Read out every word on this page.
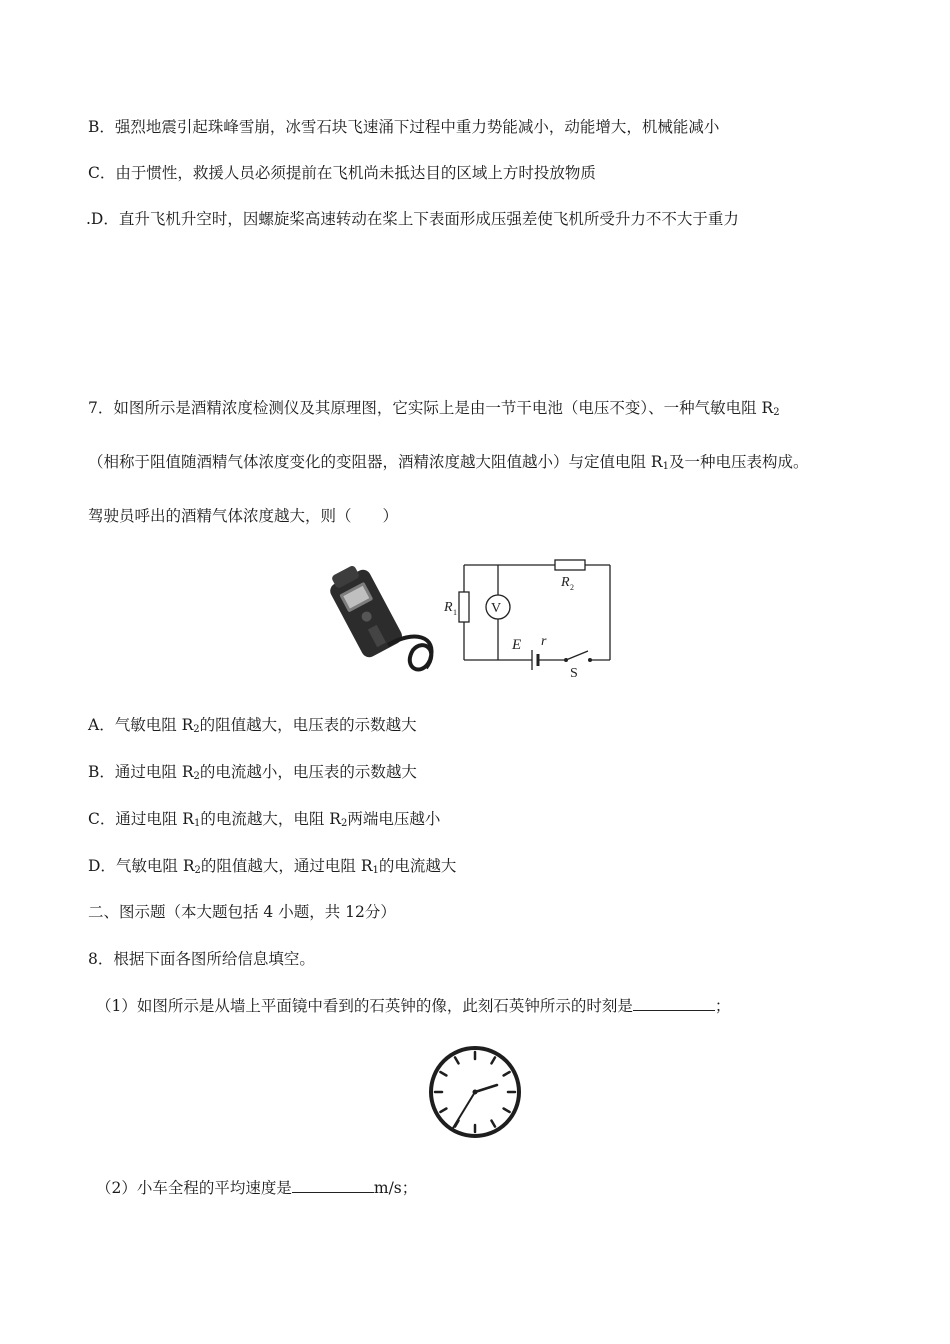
B．强烈地震引起珠峰雪崩，冰雪石块飞速涌下过程中重力势能减小，动能增大，机械能减小
C．由于惯性，救援人员必须提前在飞机尚未抵达目的区域上方时投放物质
.D．直升飞机升空时，因螺旋桨高速转动在桨上下表面形成压强差使飞机所受升力不不大于重力
7．如图所示是酒精浓度检测仪及其原理图，它实际上是由一节干电池（电压不变）、一种气敏电阻 $R_2$
（相称于阻值随酒精气体浓度变化的变阻器，酒精浓度越大阻值越小）与定值电阻 $R_1$及一种电压表构成。
驾驶员呼出的酒精气体浓度越大，则（　　）
R 1 V
R 2
E r
S
A．气敏电阻 $R_2$的阻值越大，电压表的示数越大
B．通过电阻 $R_2$的电流越小，电压表的示数越大
C．通过电阻 $R_1$的电流越大，电阻 $R_2$两端电压越小
D．气敏电阻 $R_2$的阻值越大，通过电阻 $R_1$的电流越大
二、图示题（本大题包括 4 小题，共 12分）
8．根据下面各图所给信息填空。
（1）如图所示是从墙上平面镜中看到的石英钟的像，此刻石英钟所示的时刻是	；
（2）小车全程的平均速度是	m/s；
